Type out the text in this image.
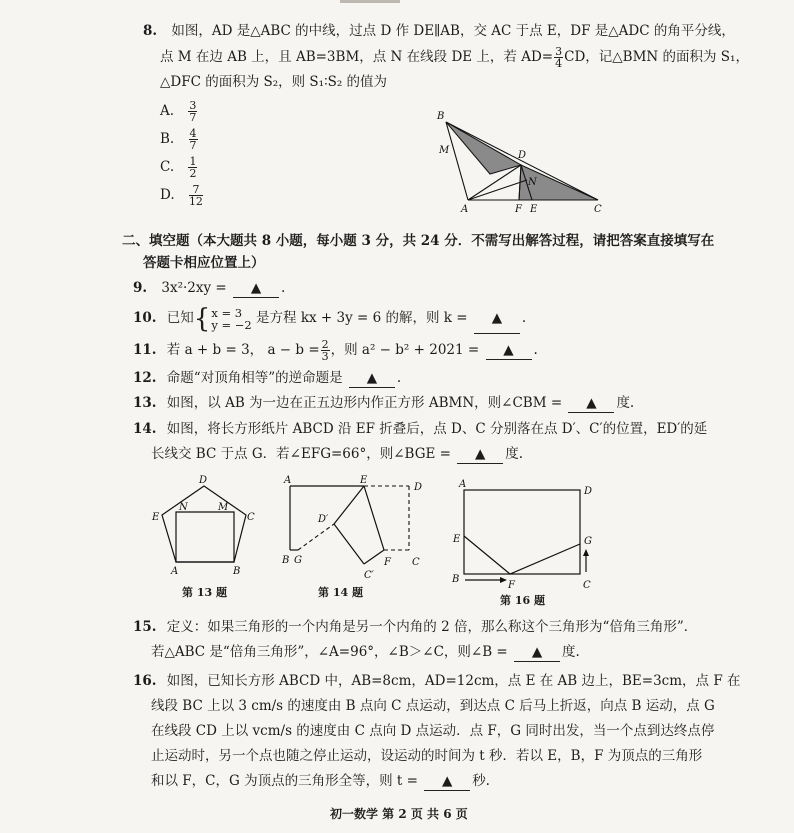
8. 如图，AD 是△ABC 的中线，过点 D 作 DE∥AB，交 AC 于点 E，DF 是△ADC 的角平分线，
点 M 在边 AB 上，且 AB=3BM，点 N 在线段 DE 上，若 $AD= \frac{3}{4}$ CD，记△BMN 的面积为 S₁，
△DFC 的面积为 S₂，则 S₁∶S₂ 的值为
A. $\frac{3}{7}$
B. $\frac{4}{7}$
C. $\frac{1}{2}$
D. $\frac{7}{12}$
B
M	D
N
A	F E	C
二、填空题（本大题共 8 小题，每小题 3 分，共 24 分．不需写出解答过程，请把答案直接填写在
答题卡相应位置上）
9. 3x²·2xy = ▲ .
10. 已知{ x = 3
y = −2 是方程 kx + 3y = 6 的解，则 k = ▲ .
11. 若 a + b = 3， $a - b = \frac{2}{3}$ ，则 a² − b² + 2021 = ▲ .
12. 命题“对顶角相等”的逆命题是 ▲ .
13. 如图，以 AB 为一边在正五边形内作正方形 ABMN，则∠CBM = ▲ 度.
14. 如图，将长方形纸片 ABCD 沿 EF 折叠后，点 D、C 分别落在点 D′、C′的位置，ED′的延
长线交 BC 于点 G．若∠EFG=66°，则∠BGE = ▲ 度.
D
E
N	M
C
A	B
第 13 题
A	E
D
D′
B G	F C
C′
第 14 题
A
D
E	G
B
F	C
第 16 题
15. 定义：如果三角形的一个内角是另一个内角的 2 倍，那么称这个三角形为“倍角三角形”．
若△ABC 是“倍角三角形”，∠A=96°，∠B＞∠C，则∠B = ▲ 度.
16. 如图，已知长方形 ABCD 中，AB=8cm，AD=12cm，点 E 在 AB 边上，BE=3cm，点 F 在
线段 BC 上以 3 cm/s 的速度由 B 点向 C 点运动，到达点 C 后马上折返，向点 B 运动，点 G
在线段 CD 上以 vcm/s 的速度由 C 点向 D 点运动．点 F，G 同时出发，当一个点到达终点停
止运动时，另一个点也随之停止运动，设运动的时间为 t 秒．若以 E，B，F 为顶点的三角形
和以 F，C，G 为顶点的三角形全等，则 t = ▲ 秒.
初一数学 第 2 页 共 6 页
